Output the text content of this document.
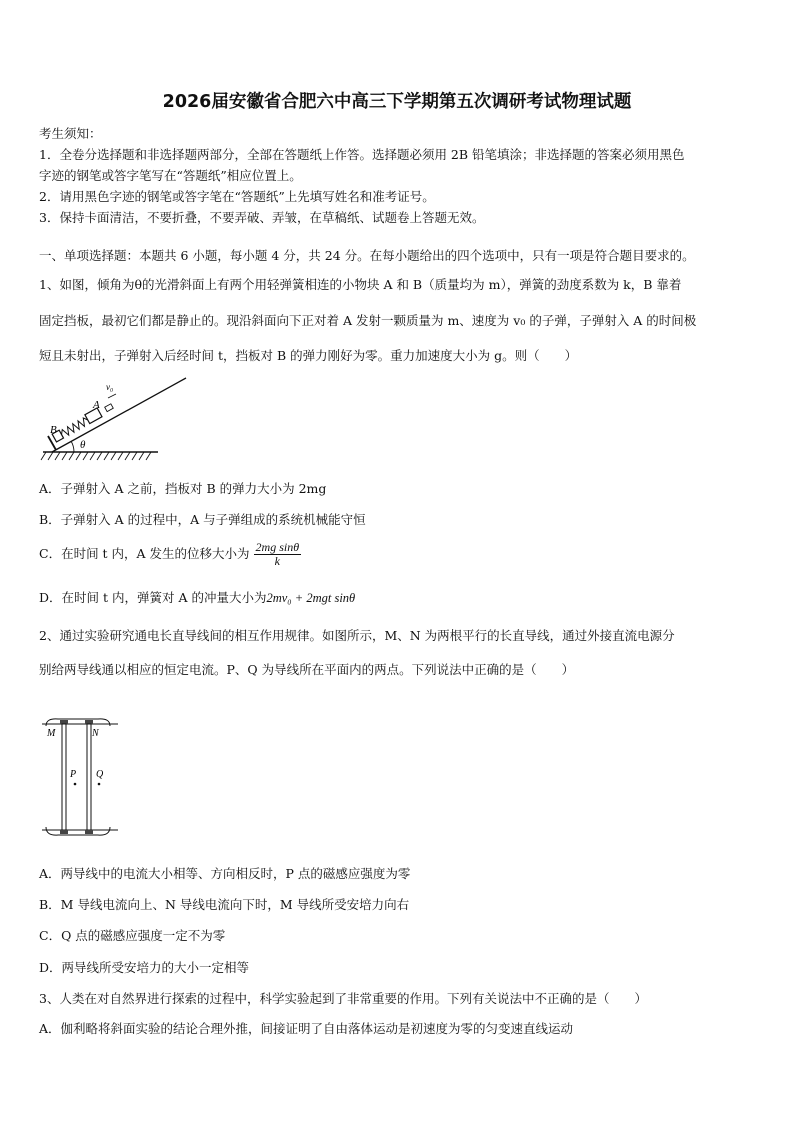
2026届安徽省合肥六中高三下学期第五次调研考试物理试题
考生须知：
1．全卷分选择题和非选择题两部分，全部在答题纸上作答。选择题必须用 2B 铅笔填涂；非选择题的答案必须用黑色
字迹的钢笔或答字笔写在“答题纸”相应位置上。
2．请用黑色字迹的钢笔或答字笔在“答题纸”上先填写姓名和准考证号。
3．保持卡面清洁，不要折叠，不要弄破、弄皱，在草稿纸、试题卷上答题无效。
一、单项选择题：本题共 6 小题，每小题 4 分，共 24 分。在每小题给出的四个选项中，只有一项是符合题目要求的。
1、如图，倾角为θ的光滑斜面上有两个用轻弹簧相连的小物块 A 和 B（质量均为 m），弹簧的劲度系数为 k，B 靠着
固定挡板，最初它们都是静止的。现沿斜面向下正对着 A 发射一颗质量为 m、速度为 v₀ 的子弹，子弹射入 A 的时间极
短且未射出，子弹射入后经时间 t，挡板对 B 的弹力刚好为零。重力加速度大小为 g。则（　　）
θ
B
A
v₀
A．子弹射入 A 之前，挡板对 B 的弹力大小为 2mg
B．子弹射入 A 的过程中，A 与子弹组成的系统机械能守恒
C．在时间 t 内，A 发生的位移大小为 $\frac{\text{2mg sinθ}}{k}$
D．在时间 t 内，弹簧对 A 的冲量大小为2mv₀ + 2mgt sinθ
2、通过实验研究通电长直导线间的相互作用规律。如图所示，M、N 为两根平行的长直导线，通过外接直流电源分
别给两导线通以相应的恒定电流。P、Q 为导线所在平面内的两点。下列说法中正确的是（　　）
M	N
P Q
A．两导线中的电流大小相等、方向相反时，P 点的磁感应强度为零
B．M 导线电流向上、N 导线电流向下时，M 导线所受安培力向右
C．Q 点的磁感应强度一定不为零
D．两导线所受安培力的大小一定相等
3、人类在对自然界进行探索的过程中，科学实验起到了非常重要的作用。下列有关说法中不正确的是（　　）
A．伽利略将斜面实验的结论合理外推，间接证明了自由落体运动是初速度为零的匀变速直线运动
